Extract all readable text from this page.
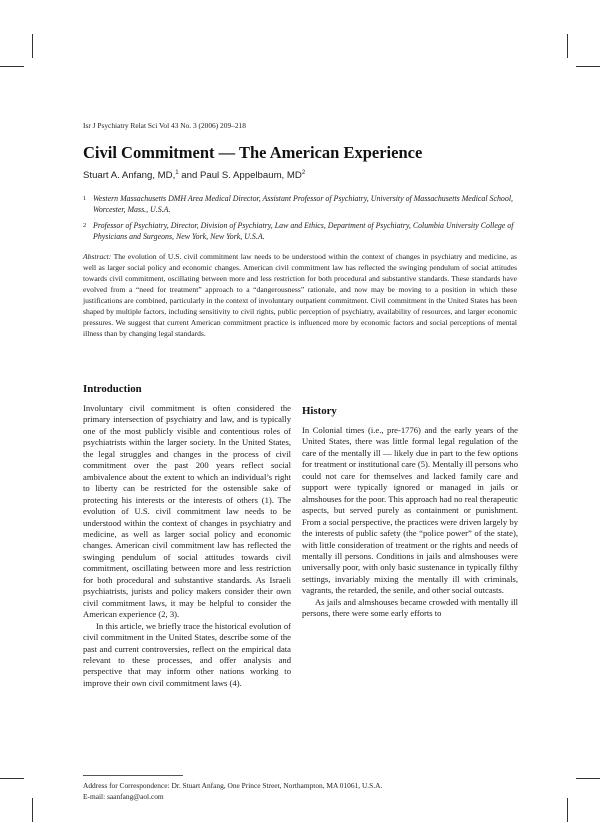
Isr J Psychiatry Relat Sci Vol 43 No. 3 (2006) 209–218
Civil Commitment — The American Experience
Stuart A. Anfang, MD,$^1$ and Paul S. Appelbaum, $MD^2$
1 Western Massachusetts DMH Area Medical Director, Assistant Professor of Psychiatry, University of Massachusetts Medical School, Worcester, Mass., U.S.A.
2 Professor of Psychiatry, Director, Division of Psychiatry, Law and Ethics, Department of Psychiatry, Columbia University College of Physicians and Surgeons, New York, New York, U.S.A.
Abstract: The evolution of U.S. civil commitment law needs to be understood within the context of changes in psychiatry and medicine, as well as larger social policy and economic changes. American civil commitment law has reflected the swinging pendulum of social attitudes towards civil commitment, oscillating between more and less restriction for both procedural and substantive standards. These standards have evolved from a “need for treatment” approach to a “dangerousness” rationale, and now may be moving to a position in which these justifications are combined, particularly in the context of involuntary outpatient commitment. Civil commitment in the United States has been shaped by multiple factors, including sensitivity to civil rights, public perception of psychiatry, availability of resources, and larger economic pressures. We suggest that current American commitment practice is influenced more by economic factors and social perceptions of mental illness than by changing legal standards.
Introduction

Involuntary civil commitment is often considered the primary intersection of psychiatry and law, and is typically one of the most publicly visible and contentious roles of psychiatrists within the larger society. In the United States, the legal struggles and changes in the process of civil commitment over the past 200 years reflect social ambivalence about the extent to which an individual’s right to liberty can be restricted for the ostensible sake of protecting his interests or the interests of others (1). The evolution of U.S. civil commitment law needs to be understood within the context of changes in psychiatry and medicine, as well as larger social policy and economic changes. American civil commitment law has reflected the swinging pendulum of social attitudes towards civil commitment, oscillating between more and less restriction for both procedural and substantive standards. As Israeli psychiatrists, jurists and policy makers consider their own civil commitment laws, it may be helpful to consider the American experience (2, 3).

In this article, we briefly trace the historical evolution of civil commitment in the United States, describe some of the past and current controversies, reflect on the empirical data relevant to these processes, and offer analysis and perspective that may inform other nations working to improve their own civil commitment laws (4).

History

In Colonial times (i.e., pre-1776) and the early years of the United States, there was little formal legal regulation of the care of the mentally ill — likely due in part to the few options for treatment or institutional care (5). Mentally ill persons who could not care for themselves and lacked family care and support were typically ignored or managed in jails or almshouses for the poor. This approach had no real therapeutic aspects, but served purely as containment or punishment. From a social perspective, the practices were driven largely by the interests of public safety (the “police power” of the state), with little consideration of treatment or the rights and needs of mentally ill persons. Conditions in jails and almshouses were universally poor, with only basic sustenance in typically filthy settings, invariably mixing the mentally ill with criminals, vagrants, the retarded, the senile, and other social outcasts.

As jails and almshouses became crowded with mentally ill persons, there were some early efforts to

Address for Correspondence: Dr. Stuart Anfang, One Prince Street, Northampton, MA 01061, U.S.A.
E-mail: saanfang@aol.com
